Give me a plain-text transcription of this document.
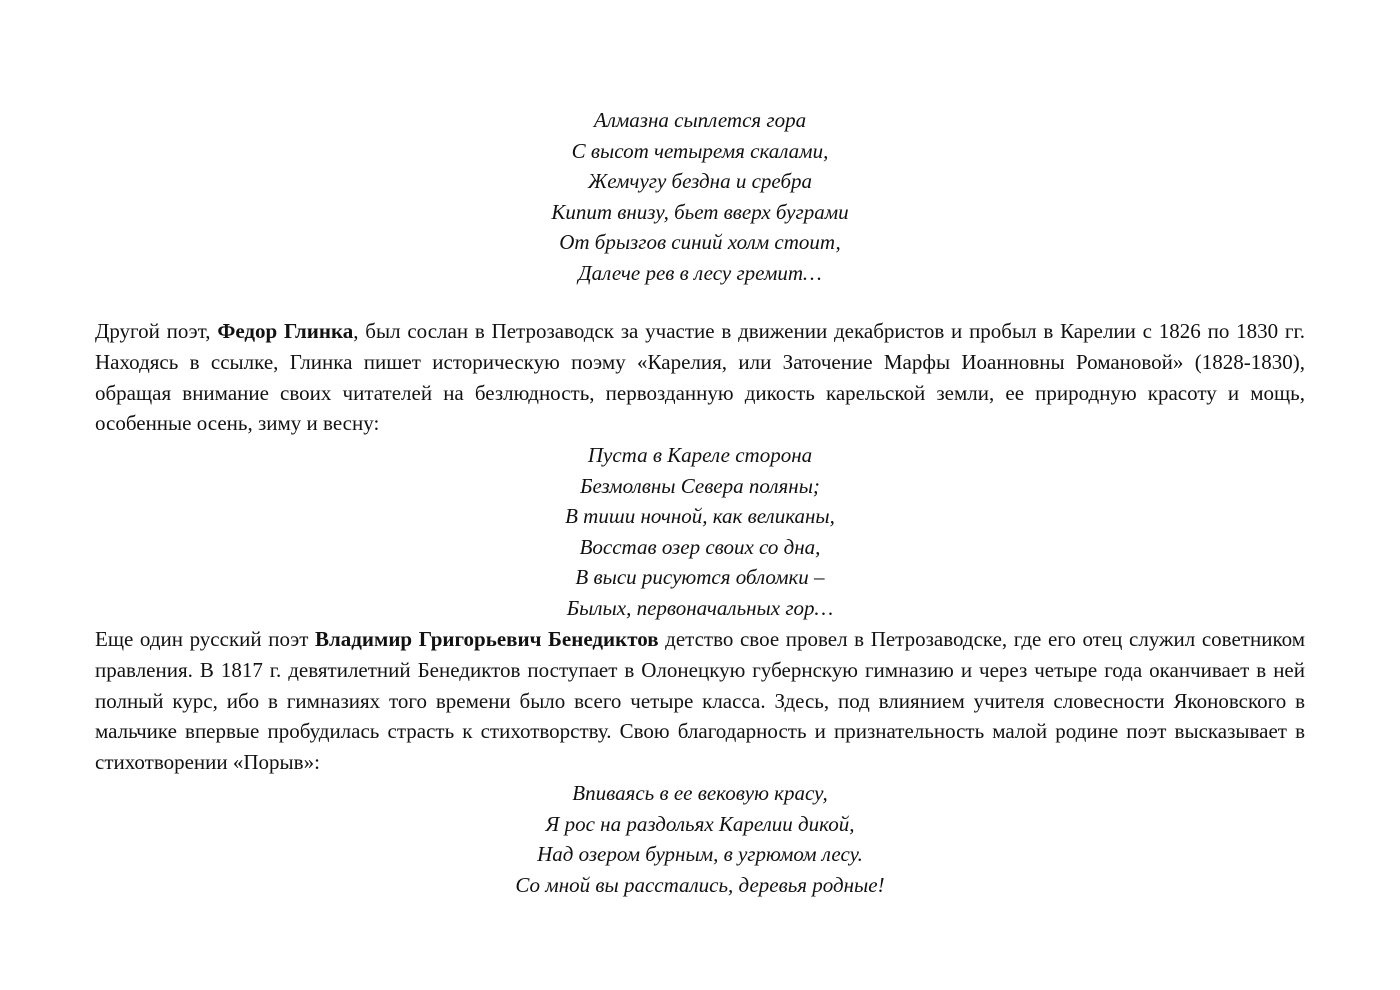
Алмазна сыплется гора
С высот четыремя скалами,
Жемчугу бездна и сребра
Кипит внизу, бьет вверх буграми
От брызгов синий холм стоит,
Далече рев в лесу гремит…
Другой поэт, Федор Глинка, был сослан в Петрозаводск за участие в движении декабристов и пробыл в Карелии с 1826 по 1830 гг. Находясь в ссылке, Глинка пишет историческую поэму «Карелия, или Заточение Марфы Иоанновны Романовой» (1828-1830), обращая внимание своих читателей на безлюдность, первозданную дикость карельской земли, ее природную красоту и мощь, особенные осень, зиму и весну:
Пуста в Кареле сторона
Безмолвны Севера поляны;
В тиши ночной, как великаны,
Восстав озер своих со дна,
В выси рисуются обломки –
Былых, первоначальных гор…
Еще один русский поэт Владимир Григорьевич Бенедиктов детство свое провел в Петрозаводске, где его отец служил советником правления. В 1817 г. девятилетний Бенедиктов поступает в Олонецкую губернскую гимназию и через четыре года оканчивает в ней полный курс, ибо в гимназиях того времени было всего четыре класса. Здесь, под влиянием учителя словесности Яконовского в мальчике впервые пробудилась страсть к стихотворству. Свою благодарность и признательность малой родине поэт высказывает в стихотворении «Порыв»:
Впиваясь в ее вековую красу,
Я рос на раздольях Карелии дикой,
Над озером бурным, в угрюмом лесу.
Со мной вы расстались, деревья родные!
